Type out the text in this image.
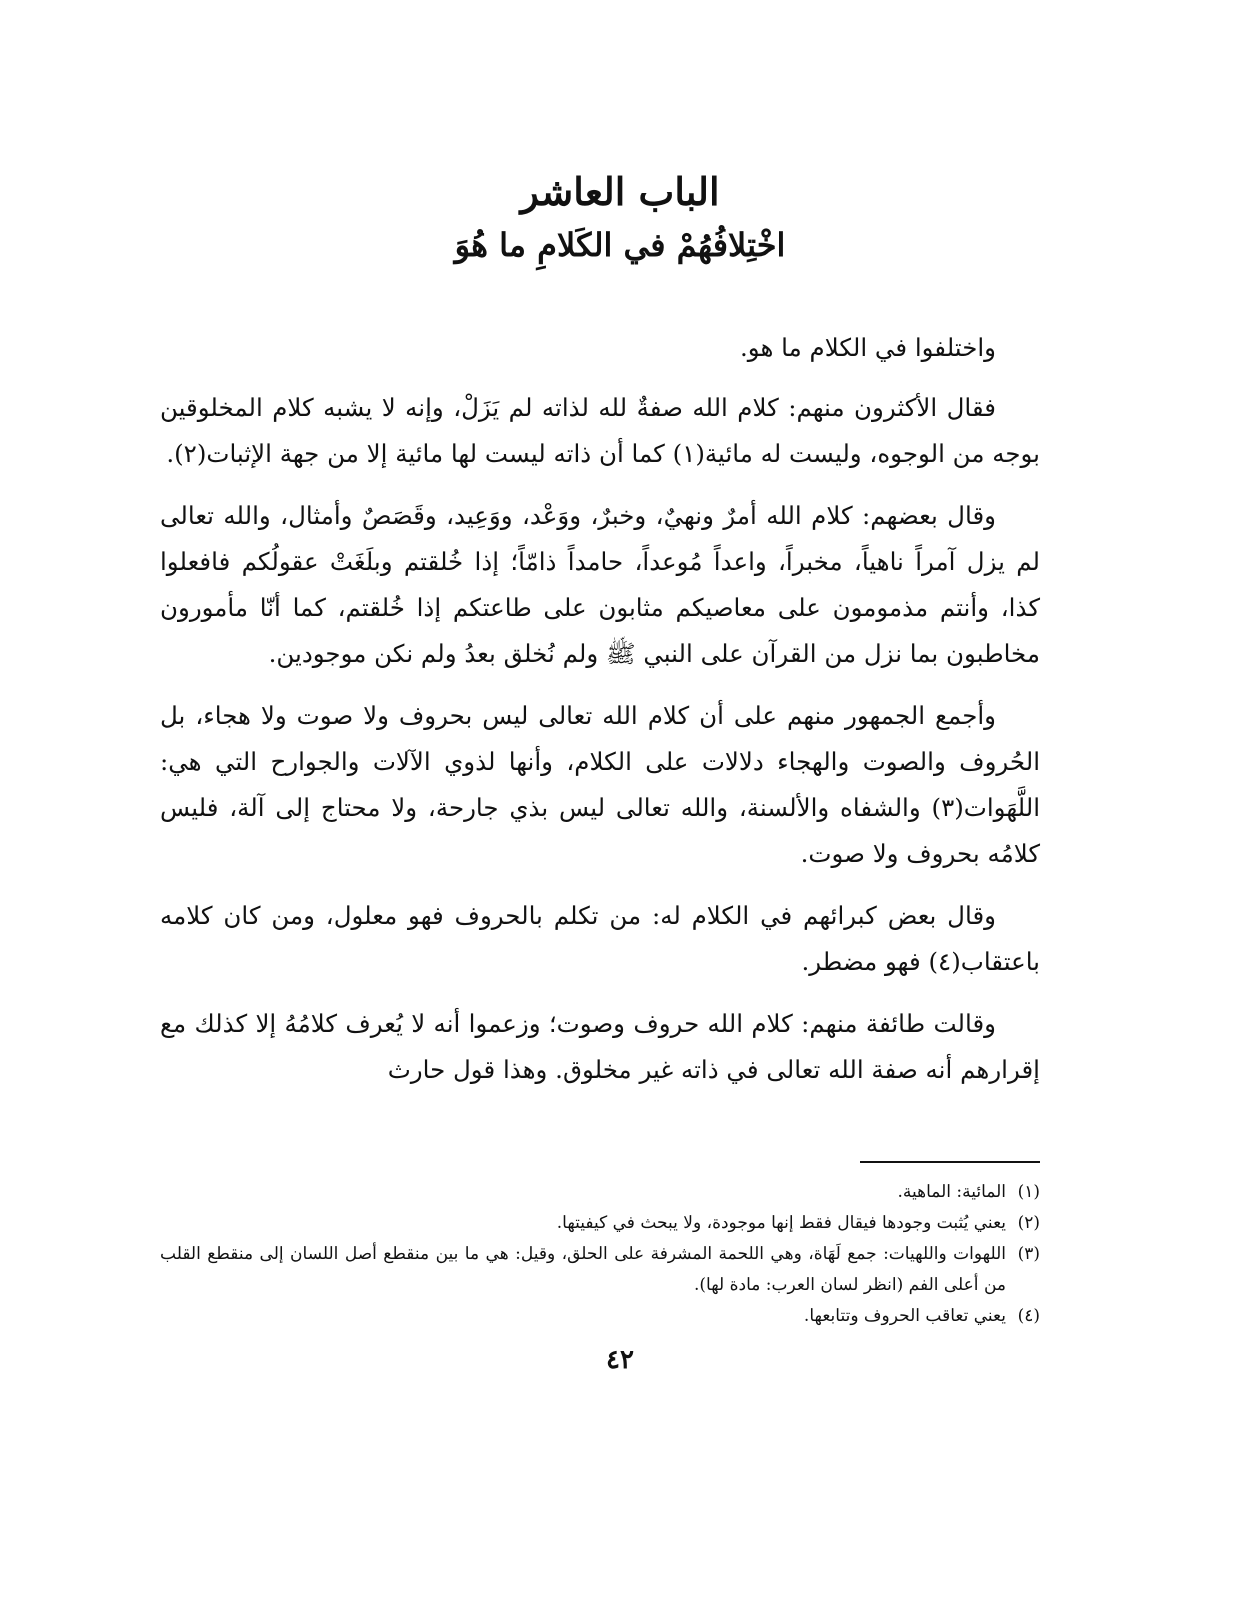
الباب العاشر
اخْتِلافُهُمْ في الكَلامِ ما هُوَ

واختلفوا في الكلام ما هو.

فقال الأكثرون منهم: كلام الله صفةٌ لله لذاته لم يَزَلْ، وإنه لا يشبه كلام المخلوقين بوجه من الوجوه، وليست له مائية(١) كما أن ذاته ليست لها مائية إلا من جهة الإثبات(٢).

وقال بعضهم: كلام الله أمرٌ ونهيٌ، وخبرٌ، ووَعْد، ووَعِيد، وقَصَصٌ وأمثال، والله تعالى لم يزل آمراً ناهياً، مخبراً، واعداً مُوعداً، حامداً ذامّاً؛ إذا خُلقتم وبلَغَتْ عقولُكم فافعلوا كذا، وأنتم مذمومون على معاصيكم مثابون على طاعتكم إذا خُلقتم، كما أنّا مأمورون مخاطبون بما نزل من القرآن على النبي ﷺ ولم نُخلق بعدُ ولم نكن موجودين.

وأجمع الجمهور منهم على أن كلام الله تعالى ليس بحروف ولا صوت ولا هجاء، بل الحُروف والصوت والهجاء دلالات على الكلام، وأنها لذوي الآلات والجوارح التي هي: اللَّهَوات(٣) والشفاه والألسنة، والله تعالى ليس بذي جارحة، ولا محتاج إلى آلة، فليس كلامُه بحروف ولا صوت.

وقال بعض كبرائهم في الكلام له: من تكلم بالحروف فهو معلول، ومن كان كلامه باعتقاب(٤) فهو مضطر.

وقالت طائفة منهم: كلام الله حروف وصوت؛ وزعموا أنه لا يُعرف كلامُهُ إلا كذلك مع إقرارهم أنه صفة الله تعالى في ذاته غير مخلوق. وهذا قول حارث

(١)
المائية: الماهية.

(٢)
يعني يُثبت وجودها فيقال فقط إنها موجودة، ولا يبحث في كيفيتها.

(٣)
اللهوات واللهيات: جمع لَهَاة، وهي اللحمة المشرفة على الحلق، وقيل: هي ما بين منقطع أصل اللسان إلى منقطع القلب من أعلى الفم (انظر لسان العرب: مادة لها).

(٤)
يعني تعاقب الحروف وتتابعها.

٤٢
